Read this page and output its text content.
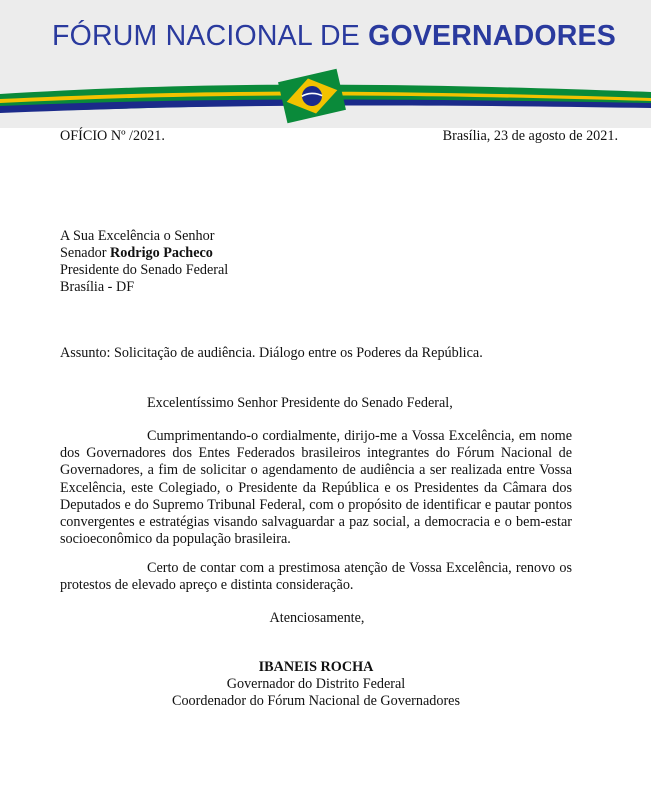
FÓRUM NACIONAL DE GOVERNADORES
OFÍCIO Nº /2021.	Brasília, 23 de agosto de 2021.
A Sua Excelência o Senhor
Senador Rodrigo Pacheco
Presidente do Senado Federal
Brasília - DF
Assunto: Solicitação de audiência. Diálogo entre os Poderes da República.
Excelentíssimo Senhor Presidente do Senado Federal,
Cumprimentando-o cordialmente, dirijo-me a Vossa Excelência, em nome dos Governadores dos Entes Federados brasileiros integrantes do Fórum Nacional de Governadores, a fim de solicitar o agendamento de audiência a ser realizada entre Vossa Excelência, este Colegiado, o Presidente da República e os Presidentes da Câmara dos Deputados e do Supremo Tribunal Federal, com o propósito de identificar e pautar pontos convergentes e estratégias visando salvaguardar a paz social, a democracia e o bem-estar socioeconômico da população brasileira.
Certo de contar com a prestimosa atenção de Vossa Excelência, renovo os protestos de elevado apreço e distinta consideração.
Atenciosamente,
IBANEIS ROCHA
Governador do Distrito Federal
Coordenador do Fórum Nacional de Governadores
